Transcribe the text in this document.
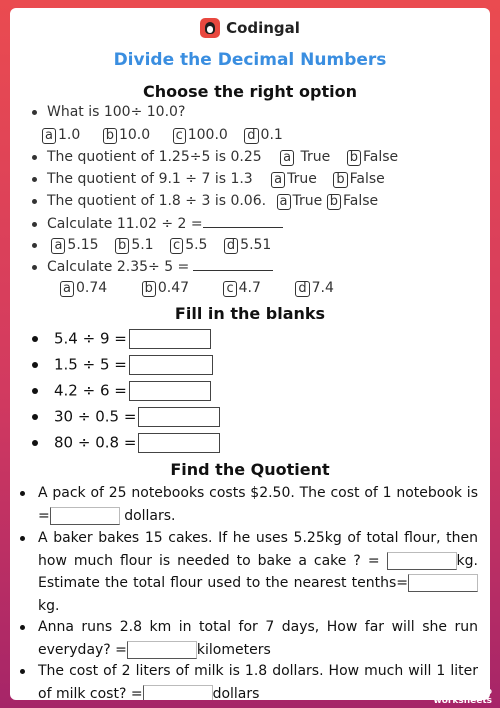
Codingal
Divide the Decimal Numbers
Choose the right option
What is 100÷ 10.0?
a 1.0 b 10.0 c 100.0 d 0.1
The quotient of 1.25÷5 is 0.25 a True b False
The quotient of 9.1 ÷ 7 is 1.3 a True b False
The quotient of 1.8 ÷ 3 is 0.06. a True b False
Calculate 11.02 ÷ 2 =
a 5.15 b 5.1 c 5.5 d 5.51
Calculate 2.35÷ 5 =
a 0.74	b 0.47	c 4.7	d 7.4
Fill in the blanks
5.4 ÷ 9 =
1.5 ÷ 5 =
4.2 ÷ 6 =
30 ÷ 0.5 =
80 ÷ 0.8 =
Find the Quotient
A pack of 25 notebooks costs $2.50. The cost of 1 notebook is =	dollars.
A baker bakes 15 cakes. If he uses 5.25kg of total flour, then how much flour is needed to bake a cake ? =	kg. Estimate the total flour used to the nearest tenths=kg.
Anna runs 2.8 km in total for 7 days, How far will she run everyday? =	kilometers
The cost of 2 liters of milk is 1.8 dollars. How much will 1 liter of milk cost? =	dollars	TO
worksheets
